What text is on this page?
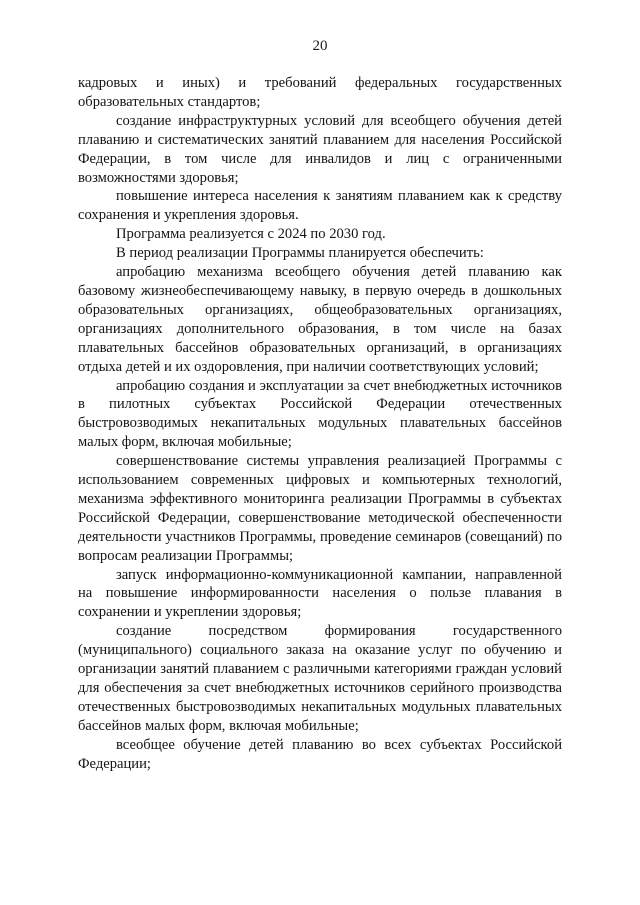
20

кадровых и иных) и требований федеральных государственных образовательных стандартов;

создание инфраструктурных условий для всеобщего обучения детей плаванию и систематических занятий плаванием для населения Российской Федерации, в том числе для инвалидов и лиц с ограниченными возможностями здоровья;

повышение интереса населения к занятиям плаванием как к средству сохранения и укрепления здоровья.

Программа реализуется с 2024 по 2030 год.

В период реализации Программы планируется обеспечить:

апробацию механизма всеобщего обучения детей плаванию как базовому жизнеобеспечивающему навыку, в первую очередь в дошкольных образовательных организациях, общеобразовательных организациях, организациях дополнительного образования, в том числе на базах плавательных бассейнов образовательных организаций, в организациях отдыха детей и их оздоровления, при наличии соответствующих условий;

апробацию создания и эксплуатации за счет внебюджетных источников в пилотных субъектах Российской Федерации отечественных быстровозводимых некапитальных модульных плавательных бассейнов малых форм, включая мобильные;

совершенствование системы управления реализацией Программы с использованием современных цифровых и компьютерных технологий, механизма эффективного мониторинга реализации Программы в субъектах Российской Федерации, совершенствование методической обеспеченности деятельности участников Программы, проведение семинаров (совещаний) по вопросам реализации Программы;

запуск информационно-коммуникационной кампании, направленной на повышение информированности населения о пользе плавания в сохранении и укреплении здоровья;

создание посредством формирования государственного (муниципального) социального заказа на оказание услуг по обучению и организации занятий плаванием с различными категориями граждан условий для обеспечения за счет внебюджетных источников серийного производства отечественных быстровозводимых некапитальных модульных плавательных бассейнов малых форм, включая мобильные;

всеобщее обучение детей плаванию во всех субъектах Российской Федерации;
